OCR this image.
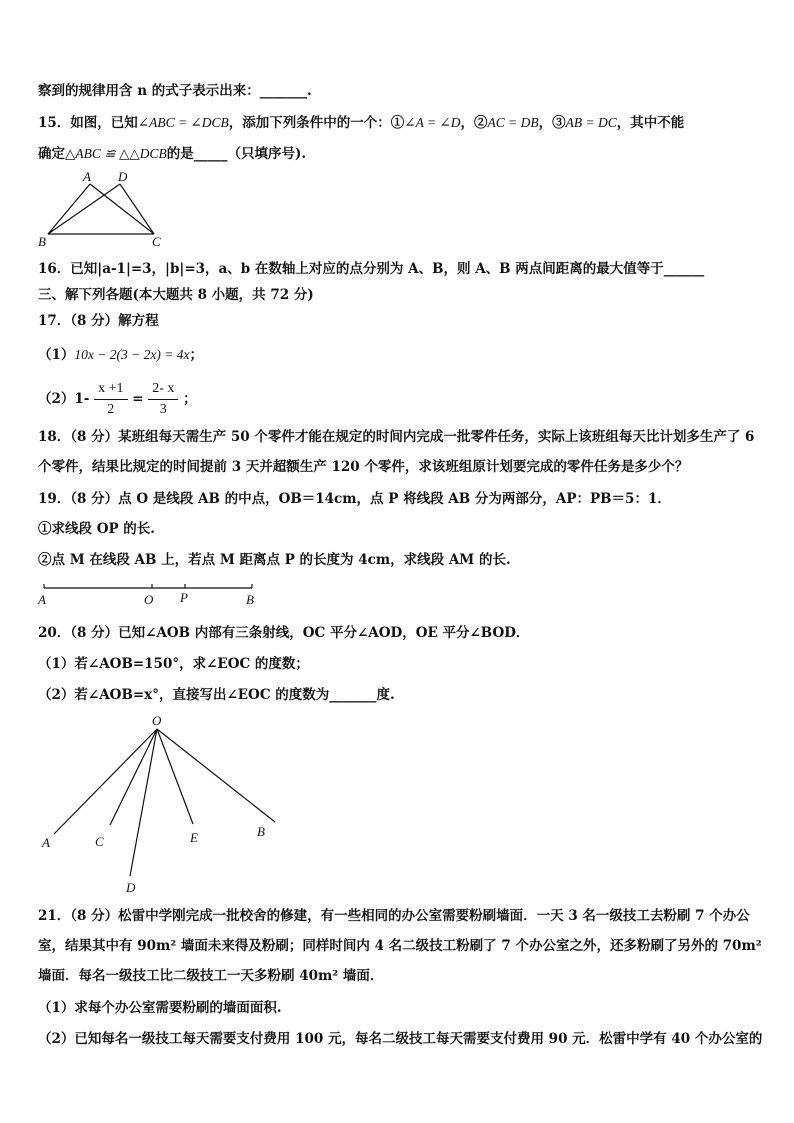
察到的规律用含 n 的式子表示出来：_______.
15．如图，已知∠ABC = ∠DCB，添加下列条件中的一个：①∠A = ∠D，②AC = DB，③AB = DC，其中不能
确定△ABC ≌ △△DCB的是_____（只填序号).
A D
B	C
16．已知|a-1|=3，|b|=3，a、b 在数轴上对应的点分别为 A、B，则 A、B 两点间距离的最大值等于______
三、解下列各题(本大题共 8 小题，共 72 分)
17．（8 分）解方程
（1）10x − 2(3 − 2x) = 4x；
$(2)1- \frac{x +1}{2} = \frac{2- x}{3}$ ；
18．（8 分）某班组每天需生产 50 个零件才能在规定的时间内完成一批零件任务，实际上该班组每天比计划多生产了 6
个零件，结果比规定的时间提前 3 天并超额生产 120 个零件，求该班组原计划要完成的零件任务是多少个？
19．（8 分）点 O 是线段 AB 的中点，OB＝14cm，点 P 将线段 AB 分为两部分，AP：PB＝5：1．
①求线段 OP 的长.
②点 M 在线段 AB 上，若点 M 距离点 P 的长度为 4cm，求线段 AM 的长.
A	O P	B
20．（8 分）已知∠AOB 内部有三条射线，OC 平分∠AOD，OE 平分∠BOD．
（1）若∠AOB=150°，求∠EOC 的度数；
（2）若∠AOB=x°，直接写出∠EOC 的度数为_______度.
O
A	C	E	B
D
21．（8 分）松雷中学刚完成一批校舍的修建，有一些相同的办公室需要粉刷墙面．一天 3 名一级技工去粉刷 7 个办公
室，结果其中有 90m² 墙面未来得及粉刷；同样时间内 4 名二级技工粉刷了 7 个办公室之外，还多粉刷了另外的 70m²
墙面．每名一级技工比二级技工一天多粉刷 40m² 墙面．
（1）求每个办公室需要粉刷的墙面面积.
（2）已知每名一级技工每天需要支付费用 100 元，每名二级技工每天需要支付费用 90 元．松雷中学有 40 个办公室的
